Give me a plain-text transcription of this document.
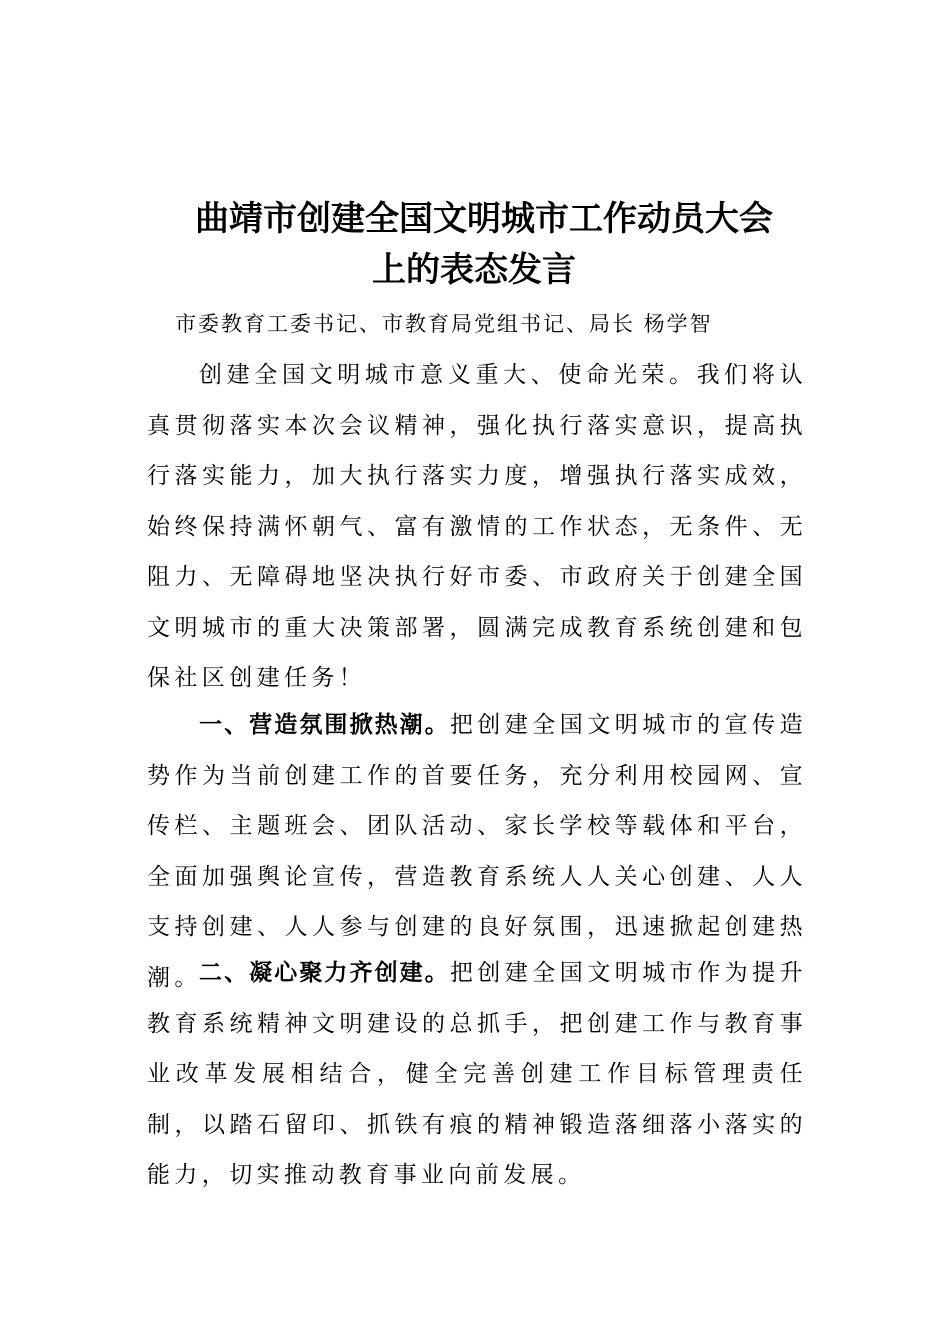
曲靖市创建全国文明城市工作动员大会
上的表态发言
市委教育工委书记、市教育局党组书记、局长 杨学智

创建全国文明城市意义重大、使命光荣。我们将认真贯彻落实本次会议精神，强化执行落实意识，提高执行落实能力，加大执行落实力度，增强执行落实成效，始终保持满怀朝气、富有激情的工作状态，无条件、无阻力、无障碍地坚决执行好市委、市政府关于创建全国文明城市的重大决策部署，圆满完成教育系统创建和包保社区创建任务！

一、营造氛围掀热潮。把创建全国文明城市的宣传造势作为当前创建工作的首要任务，充分利用校园网、宣传栏、主题班会、团队活动、家长学校等载体和平台，全面加强舆论宣传，营造教育系统人人关心创建、人人支持创建、人人参与创建的良好氛围，迅速掀起创建热潮。

二、凝心聚力齐创建。把创建全国文明城市作为提升教育系统精神文明建设的总抓手，把创建工作与教育事业改革发展相结合，健全完善创建工作目标管理责任制，以踏石留印、抓铁有痕的精神锻造落细落小落实的能力，切实推动教育事业向前发展。
